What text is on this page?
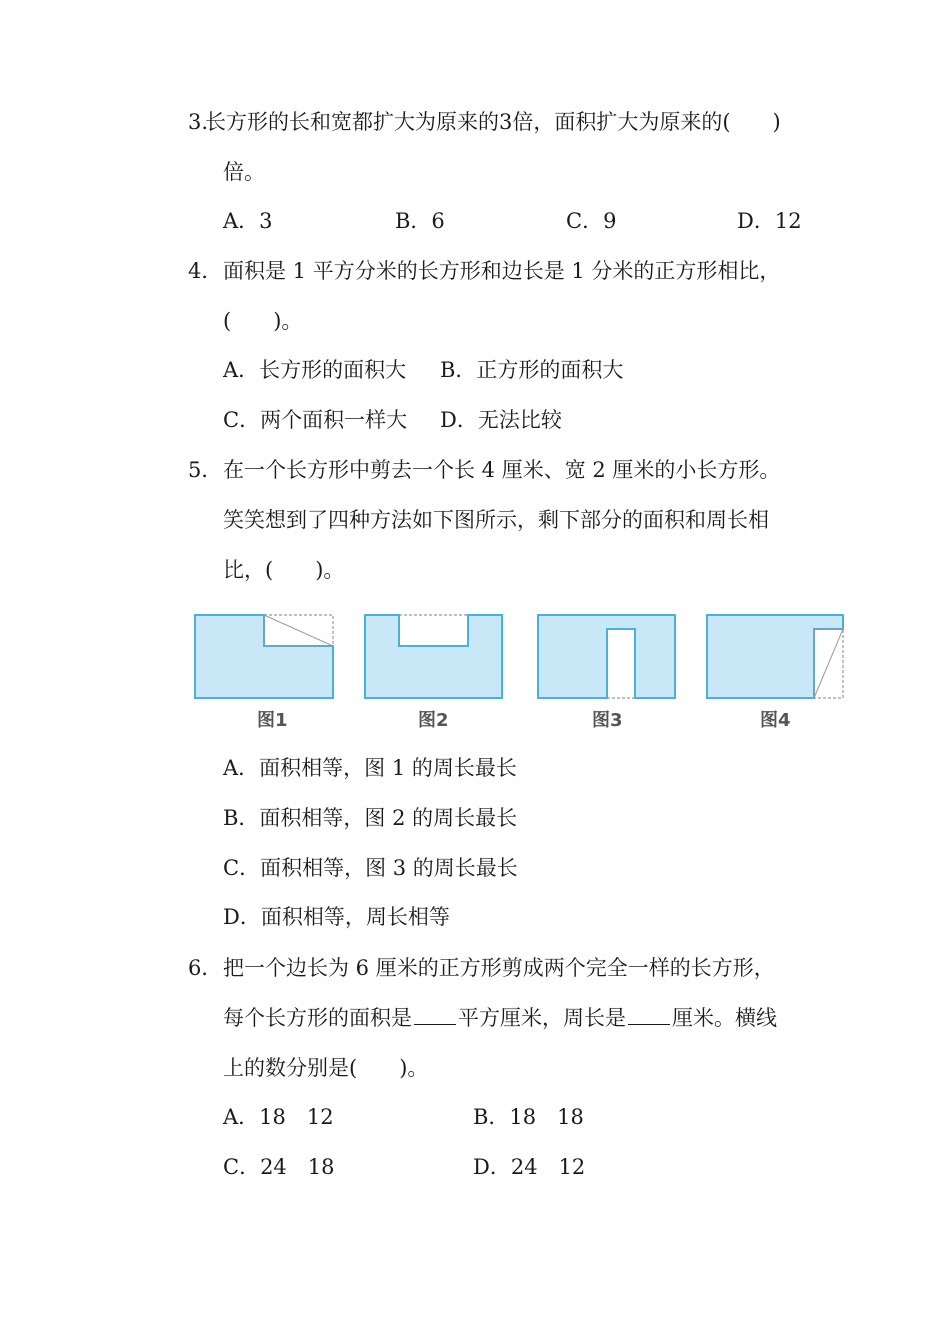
3.
长方形的长和宽都扩大为原来的3倍，面积扩大为原来的(　　)
倍。
A．3	B．6	C．9	D．12
4． 面积是 1 平方分米的长方形和边长是 1 分米的正方形相比，
(　　)。
A．长方形的面积大 B．正方形的面积大
C．两个面积一样大 D．无法比较
5． 在一个长方形中剪去一个长 4 厘米、宽 2 厘米的小长方形。
笑笑想到了四种方法如下图所示，剩下部分的面积和周长相
比，(　　)。
图1	图2	图3	图4
A．面积相等，图 1 的周长最长
B．面积相等，图 2 的周长最长
C．面积相等，图 3 的周长最长
D．面积相等，周长相等
6． 把一个边长为 6 厘米的正方形剪成两个完全一样的长方形，
每个长方形的面积是 平方厘米，周长是 厘米。横线
上的数分别是(　　)。
A．18　12	B．18　18
C．24　18	D．24　12
